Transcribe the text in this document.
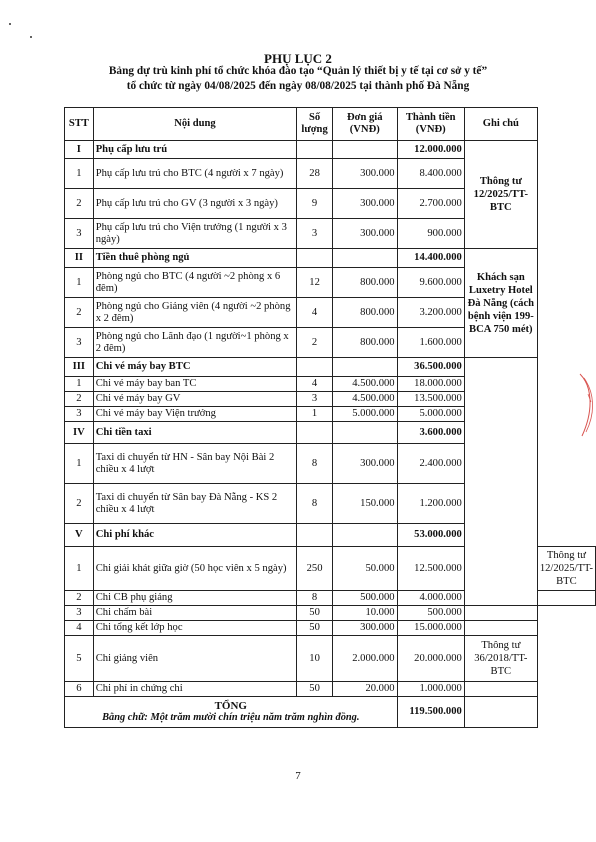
PHỤ LỤC 2
Bảng dự trù kinh phí tổ chức khóa đào tạo “Quản lý thiết bị y tế tại cơ sở y tế”
tổ chức từ ngày 04/08/2025 đến ngày 08/08/2025 tại thành phố Đà Nẵng
STT	Nội dung	Số lượng	Đơn giá (VNĐ)	Thành tiền (VNĐ)	Ghi chú	
I	Phụ cấp lưu trú			12.000.000	Thông tư 12/2025/TT-BTC	
1	Phụ cấp lưu trú cho BTC (4 người x 7 ngày)	28	300.000	8.400.000		
2	Phụ cấp lưu trú cho GV (3 người x 3 ngày)	9	300.000	2.700.000		
3	Phụ cấp lưu trú cho Viện trưởng (1 người x 3 ngày)	3	300.000	900.000		
II	Tiền thuê phòng ngủ			14.400.000	Khách sạn Luxetry Hotel Đà Nẵng (cách bệnh viện 199-BCA 750 mét)	
1	Phòng ngủ cho BTC (4 người ~2 phòng x 6 đêm)	12	800.000	9.600.000		
2	Phòng ngủ cho Giảng viên (4 người ~2 phòng x 2 đêm)	4	800.000	3.200.000		
3	Phòng ngủ cho Lãnh đạo (1 người~1 phòng x 2 đêm)	2	800.000	1.600.000		
III	Chi vé máy bay BTC			36.500.000		
1	Chi vé máy bay ban TC	4	4.500.000	18.000.000		
2	Chi vé máy bay GV	3	4.500.000	13.500.000		
3	Chi vé máy bay Viện trưởng	1	5.000.000	5.000.000		
IV	Chi tiền taxi			3.600.000		
1	Taxi di chuyển từ HN - Sân bay Nội Bài 2 chiều x 4 lượt	8	300.000	2.400.000		
2	Taxi di chuyển từ Sân bay Đà Nẵng - KS 2 chiều x 4 lượt	8	150.000	1.200.000		
V	Chi phí khác			53.000.000		
1	Chi giải khát giữa giờ (50 học viên x 5 ngày)	250	50.000	12.500.000		Thông tư 12/2025/TT-BTC
2	Chi CB phụ giảng	8	500.000	4.000.000		
3	Chi chấm bài	50	10.000	500.000		
4	Chi tổng kết lớp học	50	300.000	15.000.000		
5	Chi giảng viên	10	2.000.000	20.000.000	Thông tư 36/2018/TT-BTC	
6	Chi phí in chứng chỉ	50	20.000	1.000.000		

TỔNG
Bằng chữ: Một trăm mười chín triệu năm trăm nghìn đồng.				119.500.000		
7
